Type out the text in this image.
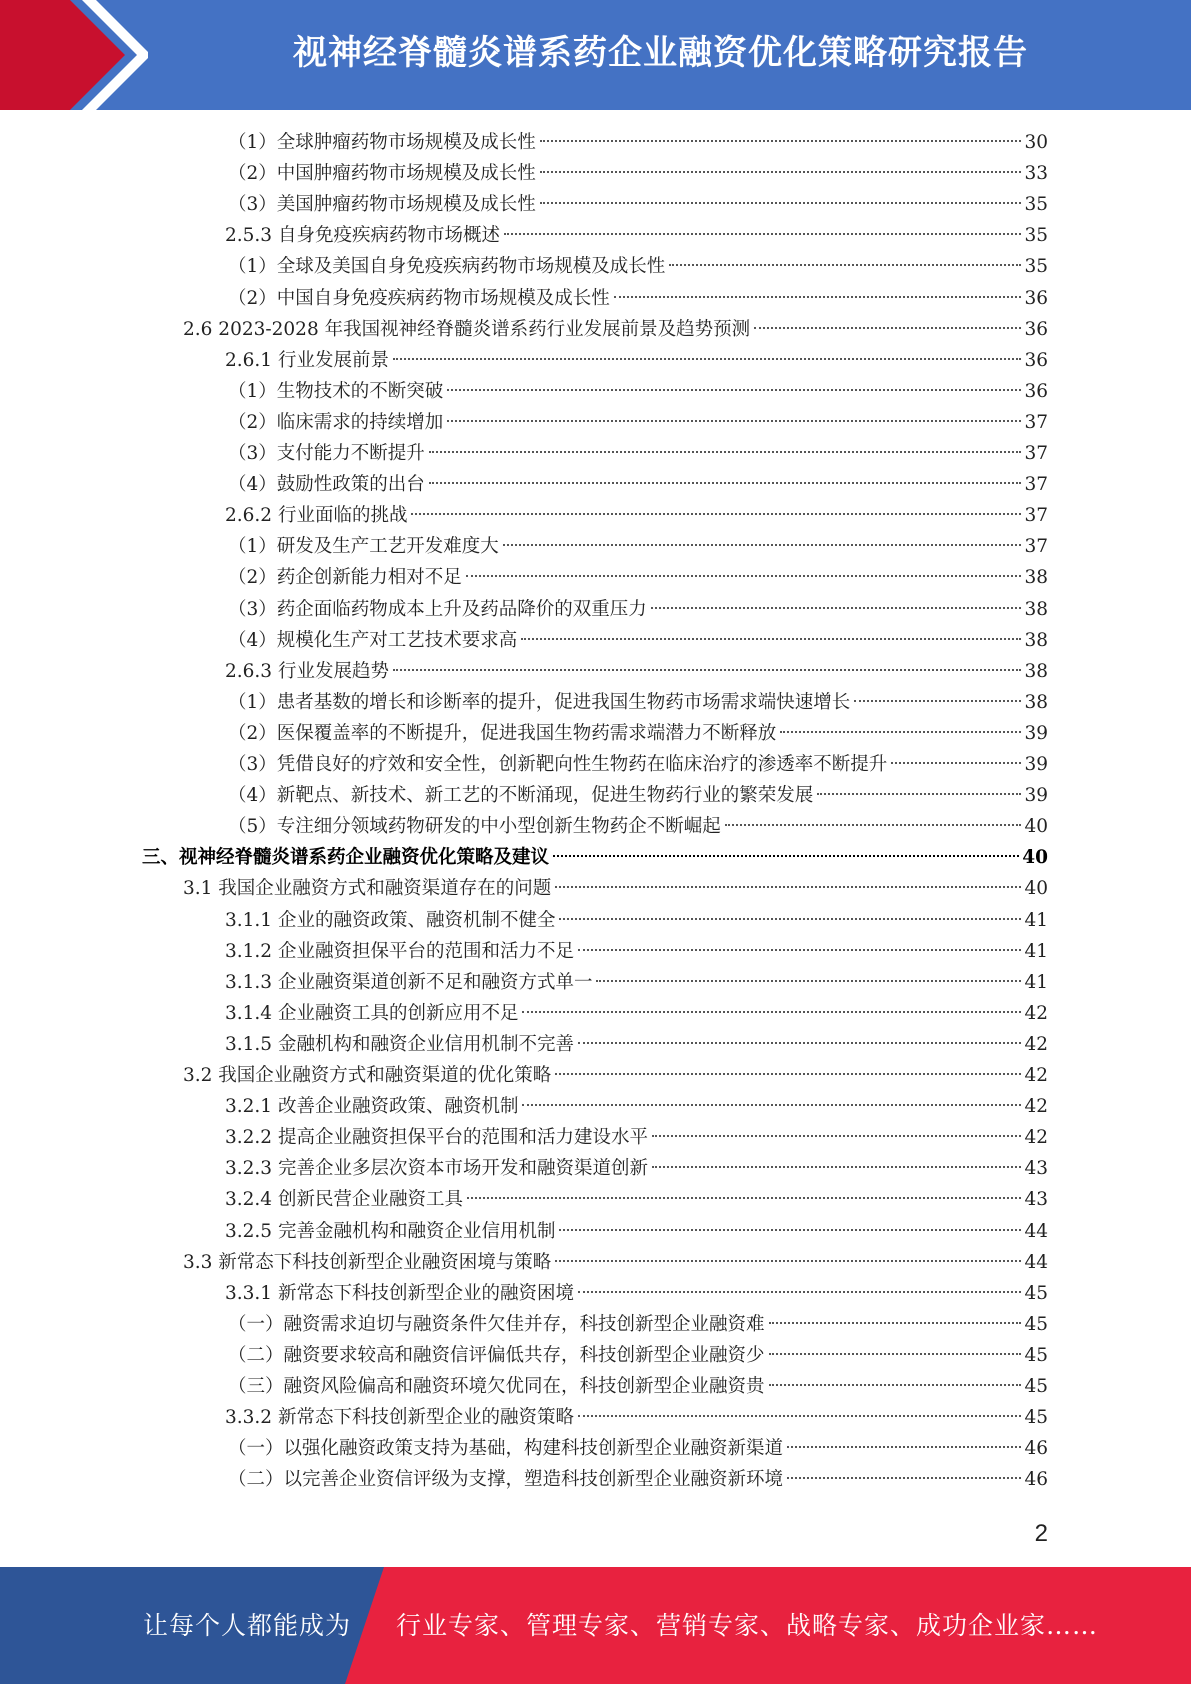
视神经脊髓炎谱系药企业融资优化策略研究报告
（1）全球肿瘤药物市场规模及成长性	30
（2）中国肿瘤药物市场规模及成长性	33
（3）美国肿瘤药物市场规模及成长性	35
2.5.3 自身免疫疾病药物市场概述	35
（1）全球及美国自身免疫疾病药物市场规模及成长性	35
（2）中国自身免疫疾病药物市场规模及成长性	36
2.6 2023-2028 年我国视神经脊髓炎谱系药行业发展前景及趋势预测	36
2.6.1 行业发展前景	36
（1）生物技术的不断突破	36
（2）临床需求的持续增加	37
（3）支付能力不断提升	37
（4）鼓励性政策的出台	37
2.6.2 行业面临的挑战	37
（1）研发及生产工艺开发难度大	37
（2）药企创新能力相对不足	38
（3）药企面临药物成本上升及药品降价的双重压力	38
（4）规模化生产对工艺技术要求高	38
2.6.3 行业发展趋势	38
（1）患者基数的增长和诊断率的提升，促进我国生物药市场需求端快速增长	38
（2）医保覆盖率的不断提升，促进我国生物药需求端潜力不断释放	39
（3）凭借良好的疗效和安全性，创新靶向性生物药在临床治疗的渗透率不断提升	39
（4）新靶点、新技术、新工艺的不断涌现，促进生物药行业的繁荣发展	39
（5）专注细分领域药物研发的中小型创新生物药企不断崛起	40
三、视神经脊髓炎谱系药企业融资优化策略及建议	40
3.1 我国企业融资方式和融资渠道存在的问题	40
3.1.1 企业的融资政策、融资机制不健全	41
3.1.2 企业融资担保平台的范围和活力不足	41
3.1.3 企业融资渠道创新不足和融资方式单一	41
3.1.4 企业融资工具的创新应用不足	42
3.1.5 金融机构和融资企业信用机制不完善	42
3.2 我国企业融资方式和融资渠道的优化策略	42
3.2.1 改善企业融资政策、融资机制	42
3.2.2 提高企业融资担保平台的范围和活力建设水平	42
3.2.3 完善企业多层次资本市场开发和融资渠道创新	43
3.2.4 创新民营企业融资工具	43
3.2.5 完善金融机构和融资企业信用机制	44
3.3 新常态下科技创新型企业融资困境与策略	44
3.3.1 新常态下科技创新型企业的融资困境	45
（一）融资需求迫切与融资条件欠佳并存，科技创新型企业融资难	45
（二）融资要求较高和融资信评偏低共存，科技创新型企业融资少	45
（三）融资风险偏高和融资环境欠优同在，科技创新型企业融资贵	45
3.3.2 新常态下科技创新型企业的融资策略	45
（一）以强化融资政策支持为基础，构建科技创新型企业融资新渠道	46
（二）以完善企业资信评级为支撑，塑造科技创新型企业融资新环境	46
2
让每个人都能成为 行业专家、管理专家、营销专家、战略专家、成功企业家……
